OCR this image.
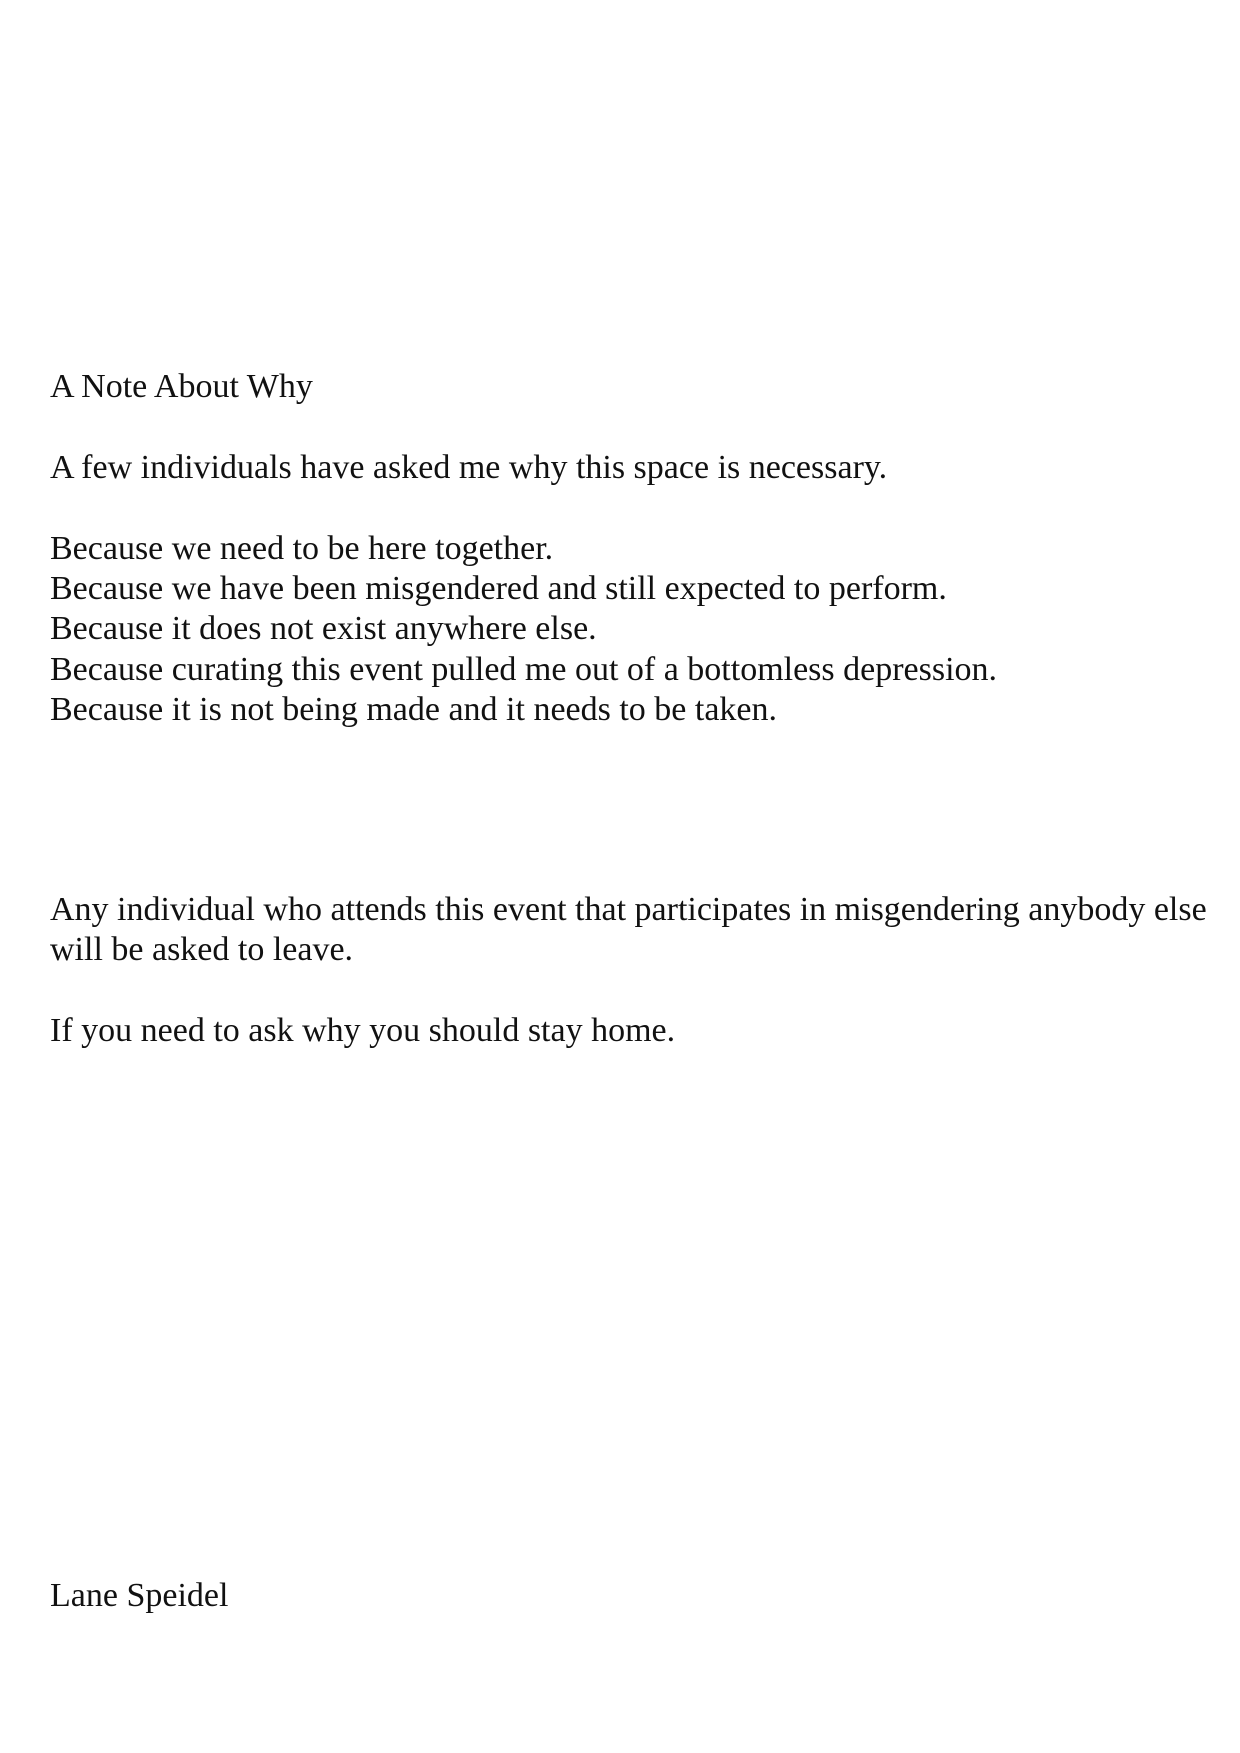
A Note About Why

A few individuals have asked me why this space is necessary.

Because we need to be here together.

Because we have been misgendered and still expected to perform.

Because it does not exist anywhere else.

Because curating this event pulled me out of a bottomless depression.

Because it is not being made and it needs to be taken.

Any individual who attends this event that participates in misgendering anybody else

will be asked to leave.

If you need to ask why you should stay home.

Lane Speidel
